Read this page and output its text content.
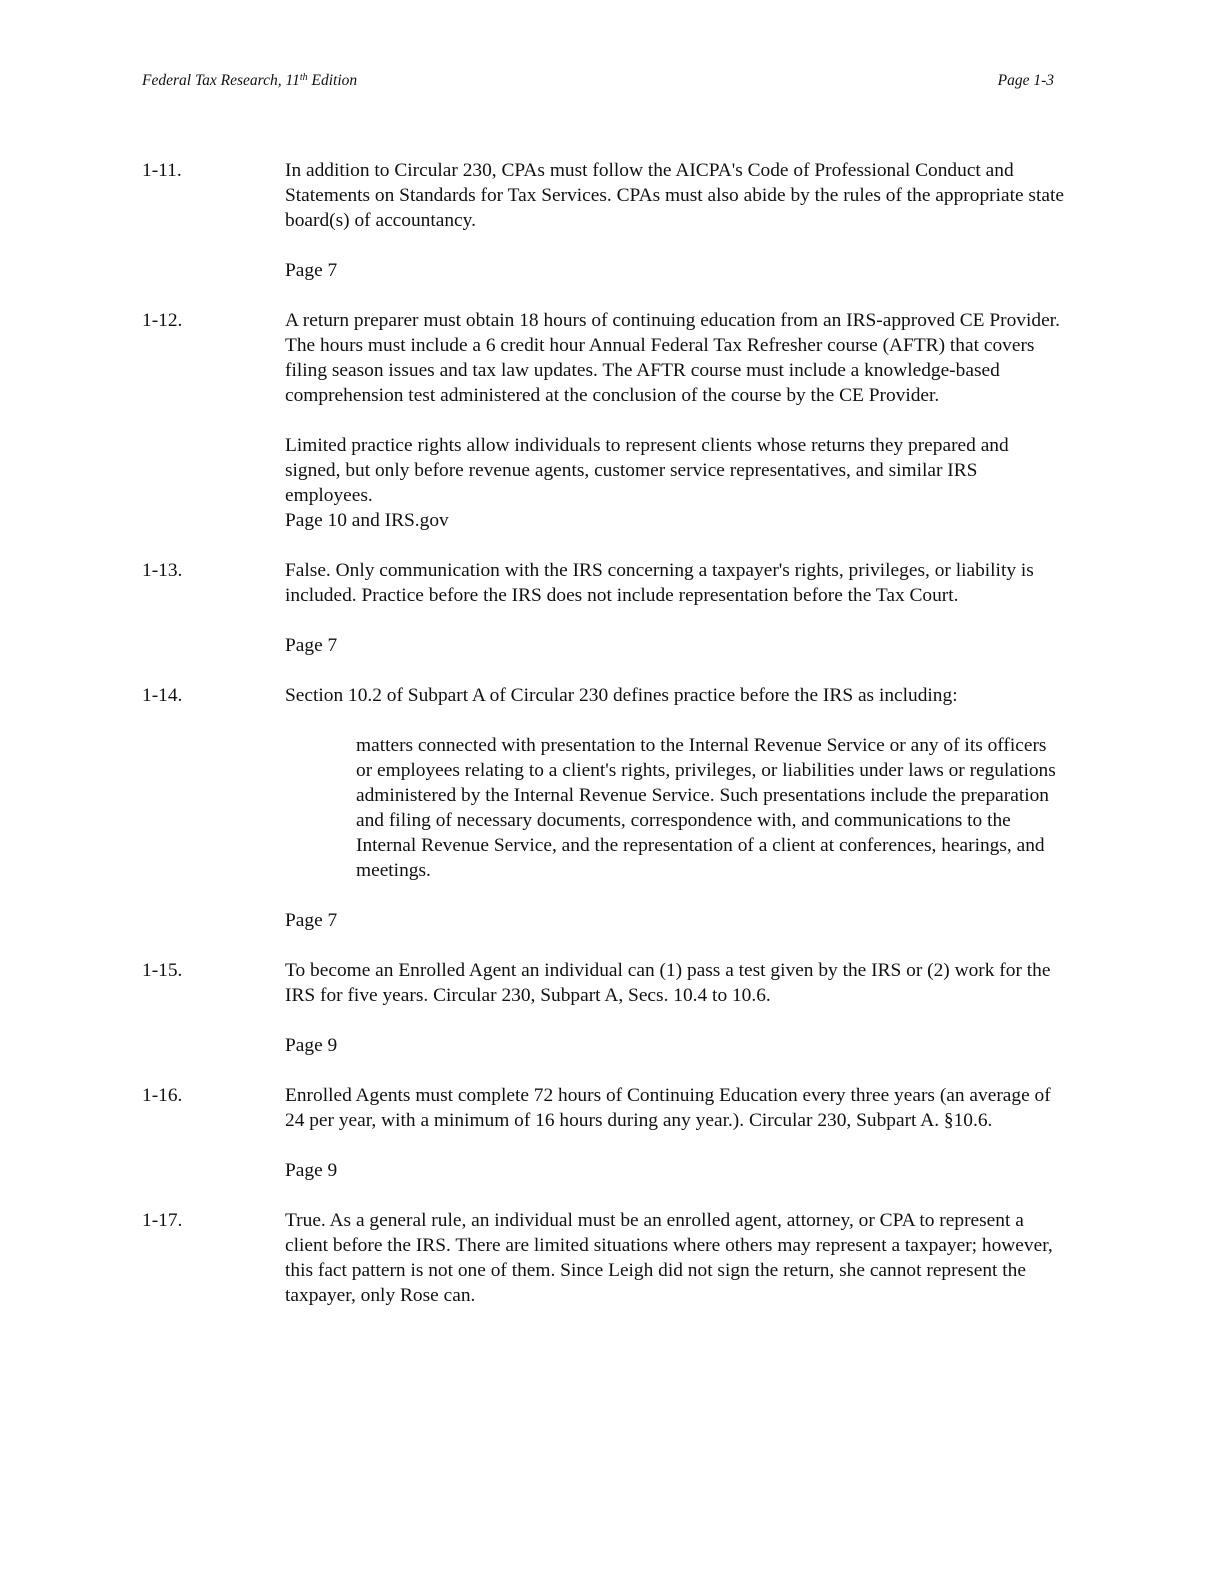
Federal Tax Research, 11th Edition	Page 1-3
1-11.	In addition to Circular 230, CPAs must follow the AICPA's Code of Professional Conduct and Statements on Standards for Tax Services. CPAs must also abide by the rules of the appropriate state board(s) of accountancy.

Page 7

1-12.	A return preparer must obtain 18 hours of continuing education from an IRS-approved CE Provider. The hours must include a 6 credit hour Annual Federal Tax Refresher course (AFTR) that covers filing season issues and tax law updates. The AFTR course must include a knowledge-based comprehension test administered at the conclusion of the course by the CE Provider.

Limited practice rights allow individuals to represent clients whose returns they prepared and signed, but only before revenue agents, customer service representatives, and similar IRS employees.

Page 10 and IRS.gov

1-13.	False. Only communication with the IRS concerning a taxpayer's rights, privileges, or liability is included. Practice before the IRS does not include representation before the Tax Court.

Page 7

1-14.	Section 10.2 of Subpart A of Circular 230 defines practice before the IRS as including:

matters connected with presentation to the Internal Revenue Service or any of its officers or employees relating to a client's rights, privileges, or liabilities under laws or regulations administered by the Internal Revenue Service. Such presentations include the preparation and filing of necessary documents, correspondence with, and communications to the Internal Revenue Service, and the representation of a client at conferences, hearings, and meetings.

Page 7

1-15.	To become an Enrolled Agent an individual can (1) pass a test given by the IRS or (2) work for the IRS for five years. Circular 230, Subpart A, Secs. 10.4 to 10.6.

Page 9

1-16.	Enrolled Agents must complete 72 hours of Continuing Education every three years (an average of 24 per year, with a minimum of 16 hours during any year.). Circular 230, Subpart A. §10.6.

Page 9

1-17.	True. As a general rule, an individual must be an enrolled agent, attorney, or CPA to represent a client before the IRS. There are limited situations where others may represent a taxpayer; however, this fact pattern is not one of them. Since Leigh did not sign the return, she cannot represent the taxpayer, only Rose can.
